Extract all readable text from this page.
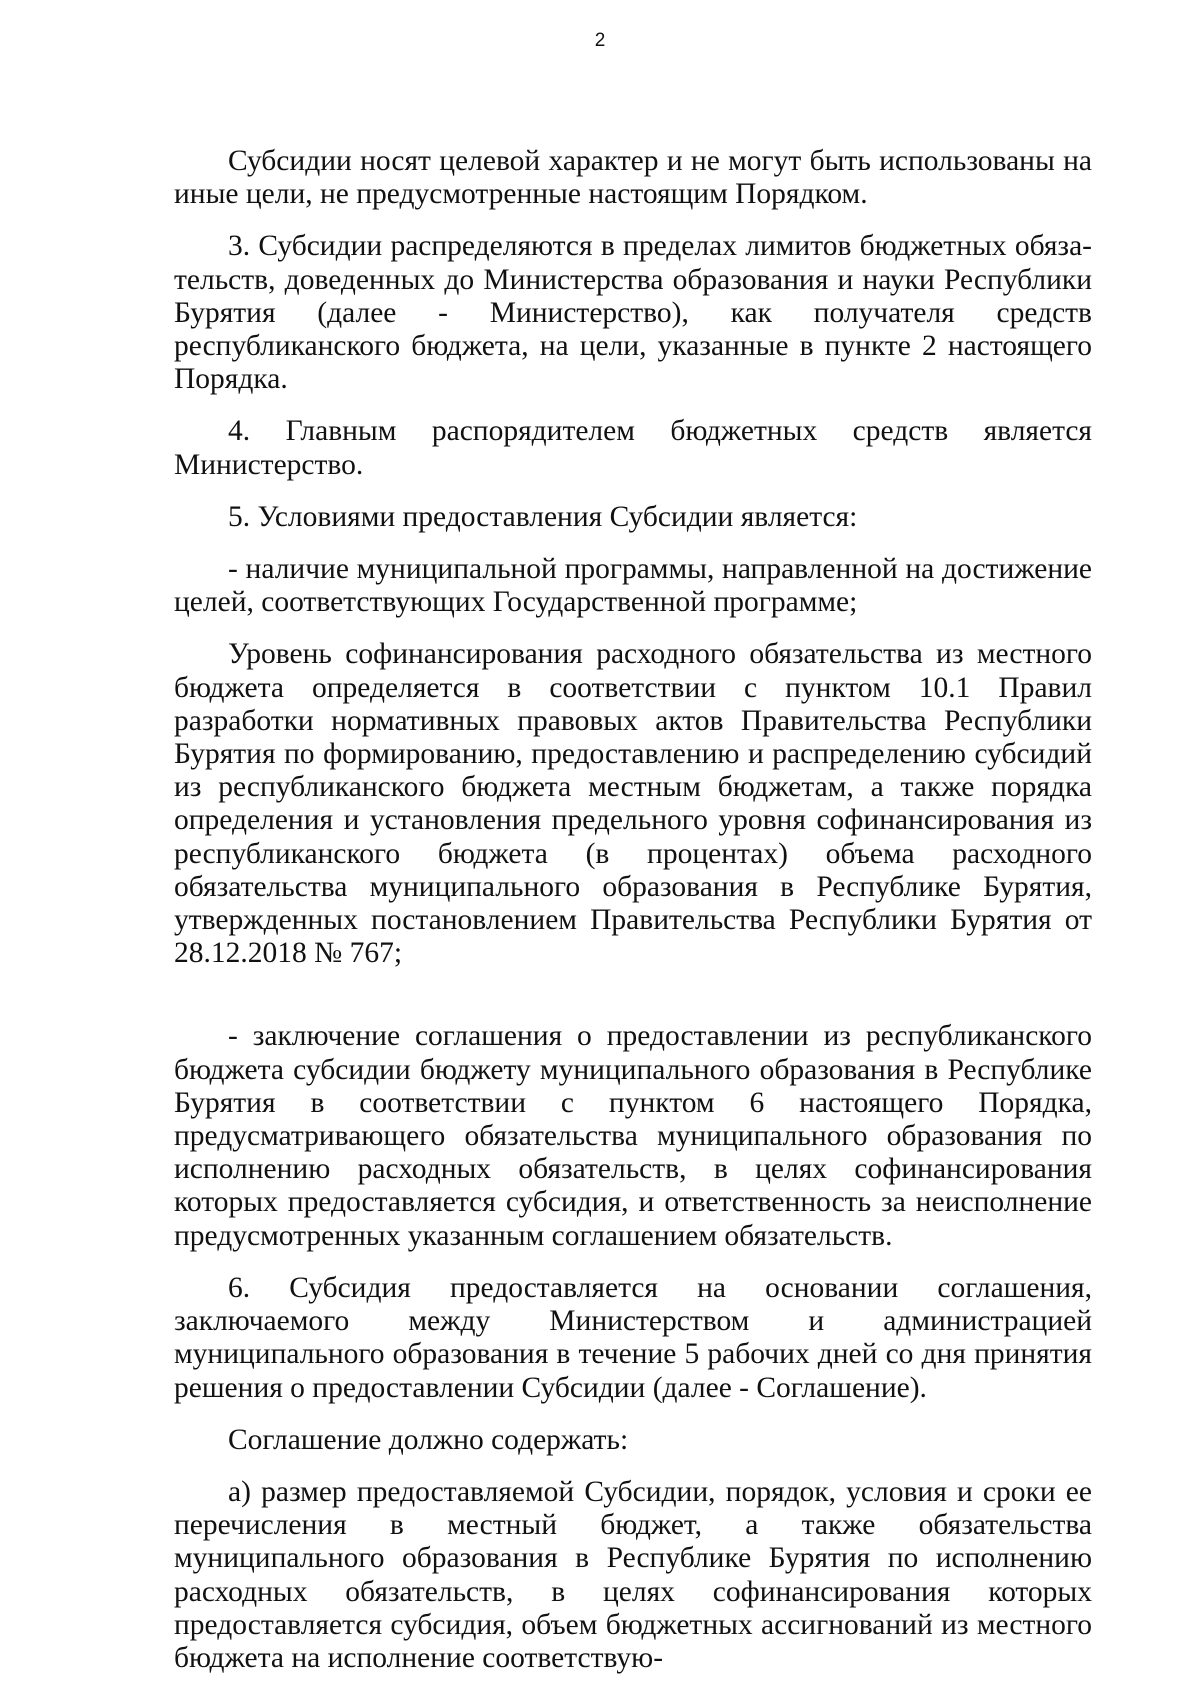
2

Субсидии носят целевой характер и не могут быть использованы на иные цели, не предусмотренные настоящим Порядком.

3. Субсидии распределяются в пределах лимитов бюджетных обязательств, доведенных до Министерства образования и науки Республики Бурятия (далее - Министерство), как получателя средств республиканского бюджета, на цели, указанные в пункте 2 настоящего Порядка.

4. Главным распорядителем бюджетных средств является Министерство.

5. Условиями предоставления Субсидии является:

- наличие муниципальной программы, направленной на достижение целей, соответствующих Государственной программе;

Уровень софинансирования расходного обязательства из местного бюджета определяется в соответствии с пунктом 10.1 Правил разработки нормативных правовых актов Правительства Республики Бурятия по формированию, предоставлению и распределению субсидий из республиканского бюджета местным бюджетам, а также порядка определения и установления предельного уровня софинансирования из республиканского бюджета (в процентах) объема расходного обязательства муниципального образования в Республике Бурятия, утвержденных постановлением Правительства Республики Бурятия от 28.12.2018 № 767;

- заключение соглашения о предоставлении из республиканского бюджета субсидии бюджету муниципального образования в Республике Бурятия в соответствии с пунктом 6 настоящего Порядка, предусматривающего обязательства муниципального образования по исполнению расходных обязательств, в целях софинансирования которых предоставляется субсидия, и ответственность за неисполнение предусмотренных указанным соглашением обязательств.

6. Субсидия предоставляется на основании соглашения, заключаемого между Министерством и администрацией муниципального образования в течение 5 рабочих дней со дня принятия решения о предоставлении Субсидии (далее - Соглашение).

Соглашение должно содержать:

а) размер предоставляемой Субсидии, порядок, условия и сроки ее перечисления в местный бюджет, а также обязательства муниципального образования в Республике Бурятия по исполнению расходных обязательств, в целях софинансирования которых предоставляется субсидия, объем бюджетных ассигнований из местного бюджета на исполнение соответствую-
